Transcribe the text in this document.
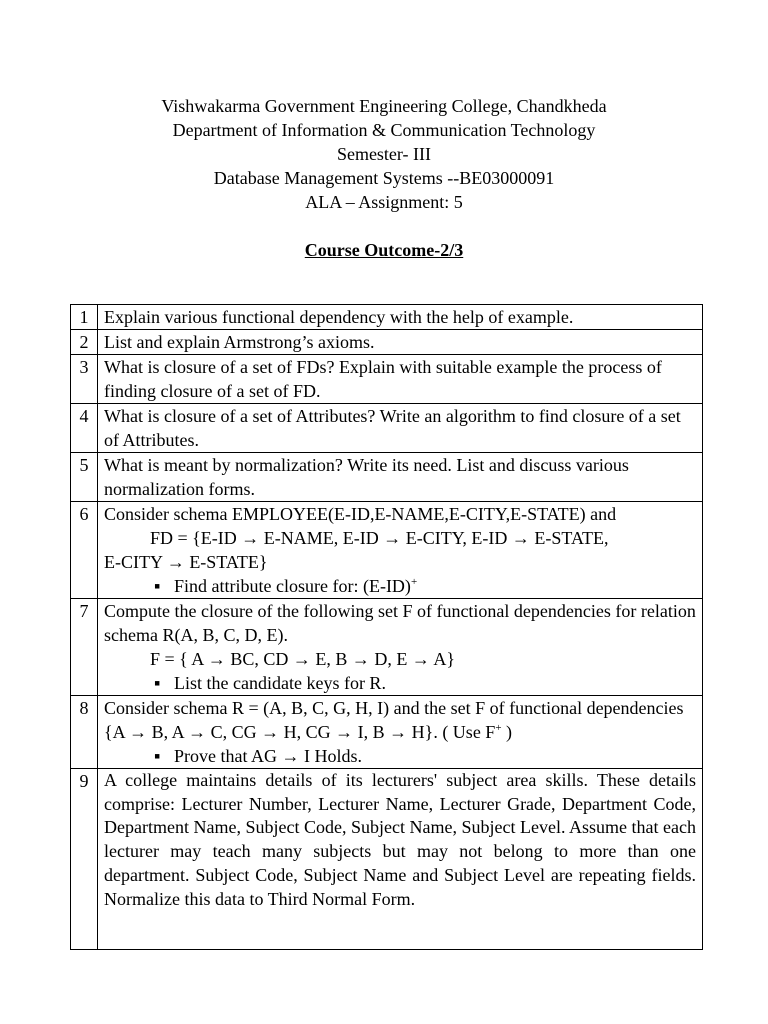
Vishwakarma Government Engineering College, Chandkheda
Department of Information & Communication Technology
Semester- III
Database Management Systems --BE03000091
ALA – Assignment: 5
Course Outcome-2/3
1	Explain various functional dependency with the help of example.
2	List and explain Armstrong’s axioms.
3	What is closure of a set of FDs? Explain with suitable example the process of finding closure of a set of FD.
4	What is closure of a set of Attributes? Write an algorithm to find closure of a set of Attributes.
5	What is meant by normalization? Write its need. List and discuss various normalization forms.
6	Consider schema EMPLOYEE(E-ID,E-NAME,E-CITY,E-STATE) and
FD = {E-ID → E-NAME, E-ID → E-CITY, E-ID → E-STATE,
E-CITY → E-STATE}
▪ Find attribute closure for: (E-ID)+

7	Compute the closure of the following set F of functional dependencies for relation schema R(A, B, C, D, E).
F = { A → BC, CD → E, B → D, E → A}
▪ List the candidate keys for R.

8	Consider schema R = (A, B, C, G, H, I) and the set F of functional dependencies {A → B, A → C, CG → H, CG → I, B → H}. ( Use F+ )
▪ Prove that AG → I Holds.

9	A college maintains details of its lecturers' subject area skills. These details comprise: Lecturer Number, Lecturer Name, Lecturer Grade, Department Code, Department Name, Subject Code, Subject Name, Subject Level. Assume that each lecturer may teach many subjects but may not belong to more than one department. Subject Code, Subject Name and Subject Level are repeating fields. Normalize this data to Third Normal Form.
